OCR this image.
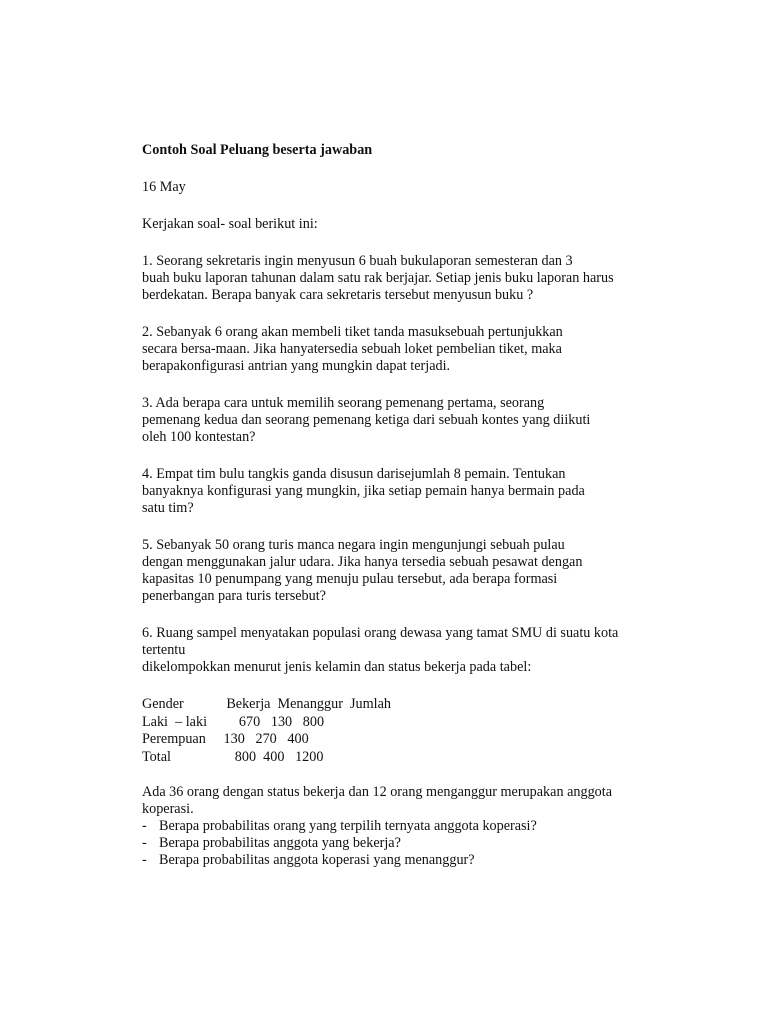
Contoh Soal Peluang beserta jawaban
16 May
Kerjakan soal- soal berikut ini:
1. Seorang sekretaris ingin menyusun 6 buah bukulaporan semesteran dan 3
buah buku laporan tahunan dalam satu rak berjajar. Setiap jenis buku laporan harus
berdekatan. Berapa banyak cara sekretaris tersebut menyusun buku ?
2. Sebanyak 6 orang akan membeli tiket tanda masuksebuah pertunjukkan
secara bersa-maan. Jika hanyatersedia sebuah loket pembelian tiket, maka
berapakonfigurasi antrian yang mungkin dapat terjadi.
3. Ada berapa cara untuk memilih seorang pemenang pertama, seorang
pemenang kedua dan seorang pemenang ketiga dari sebuah kontes yang diikuti
oleh 100 kontestan?
4. Empat tim bulu tangkis ganda disusun darisejumlah 8 pemain. Tentukan
banyaknya konfigurasi yang mungkin, jika setiap pemain hanya bermain pada
satu tim?
5. Sebanyak 50 orang turis manca negara ingin mengunjungi sebuah pulau
dengan menggunakan jalur udara. Jika hanya tersedia sebuah pesawat dengan
kapasitas 10 penumpang yang menuju pulau tersebut, ada berapa formasi
penerbangan para turis tersebut?
6. Ruang sampel menyatakan populasi orang dewasa yang tamat SMU di suatu kota
tertentu
dikelompokkan menurut jenis kelamin dan status bekerja pada tabel:
Gender            Bekerja  Menanggur  Jumlah
Laki  – laki         670   130   800
Perempuan     130   270   400
Total                  800  400   1200
Ada 36 orang dengan status bekerja dan 12 orang menganggur merupakan anggota
koperasi.
- Berapa probabilitas orang yang terpilih ternyata anggota koperasi?
- Berapa probabilitas anggota yang bekerja?
- Berapa probabilitas anggota koperasi yang menanggur?
